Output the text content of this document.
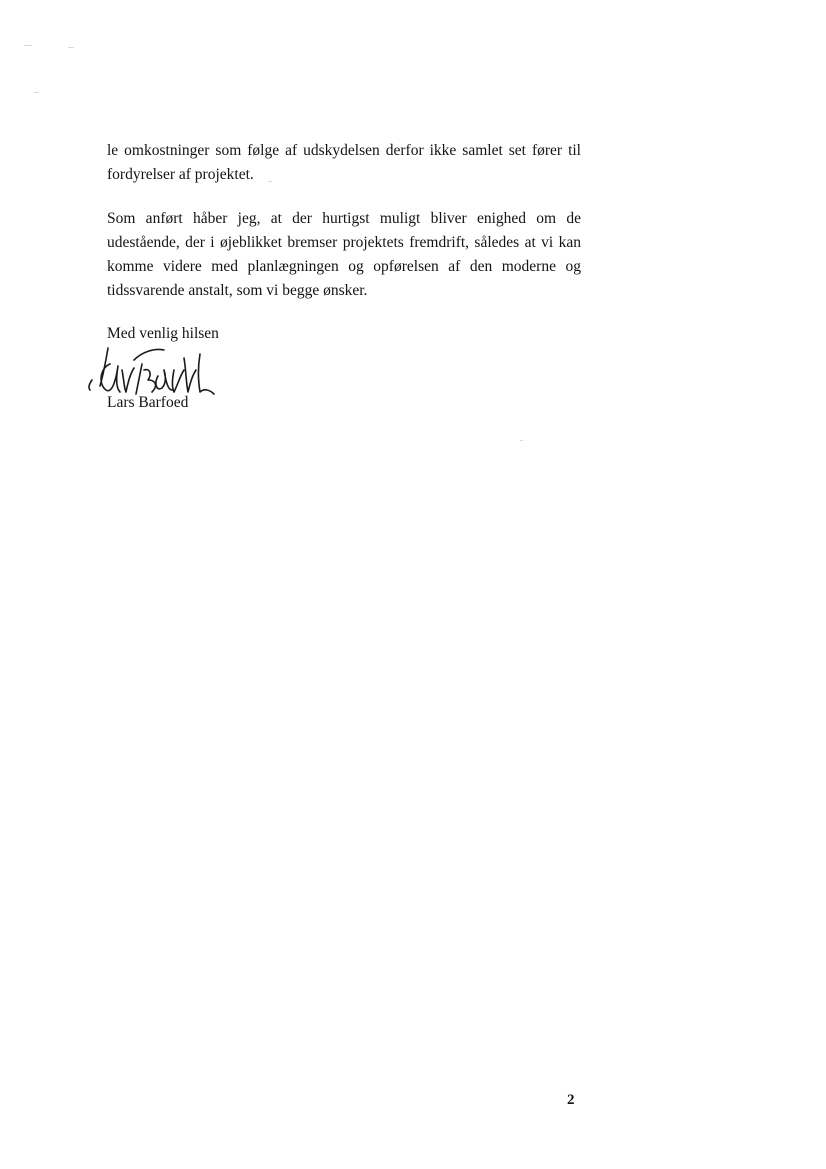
le omkostninger som følge af udskydelsen derfor ikke samlet set fører til fordyrelser af projektet.

Som anført håber jeg, at der hurtigst muligt bliver enighed om de udestående, der i øjeblikket bremser projektets fremdrift, således at vi kan komme videre med planlægningen og opførelsen af den moderne og tidssvarende anstalt, som vi begge ønsker.

Med venlig hilsen

Lars Barfoed

2
